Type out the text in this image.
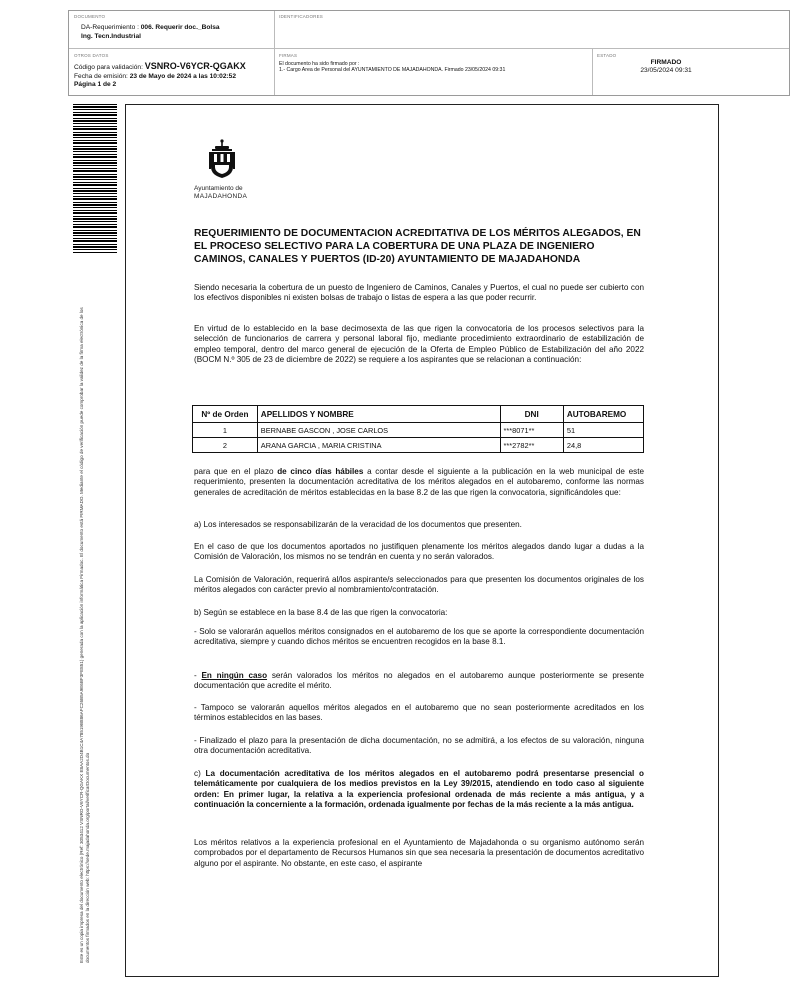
DOCUMENTO
DA-Requerimiento : 006. Requerir doc._Bolsa
Ing. Tecn.Industrial
IDENTIFICADORES
OTROS DATOS
Código para validación: VSNRO-V6YCR-QGAKX
Fecha de emisión: 23 de Mayo de 2024 a las 10:02:52
Página 1 de 2
FIRMAS
El documento ha sido firmado por :
1.- Cargo Area de Personal del AYUNTAMIENTO DE MAJADAHONDA. Firmado 23/05/2024 09:31
ESTADO
FIRMADO
23/05/2024 09:31
Este es un copia impresa del documento electrónico (Ref: 3053412 VSNRO-V6YCR-QGAKX E8AA2D4B1C4A78519B886AFC26B5A9E6BF3FE851) generada con la aplicación informática Firmadoc. El documento está FIRMADO. Mediante el código de verificación puede comprobar la validez de la firma electrónica de los documentos firmados en la dirección web: https://sede.majadahonda.org/portal/verificarDocumentos.do
Ayuntamiento de
MAJADAHONDA
REQUERIMIENTO DE DOCUMENTACION ACREDITATIVA DE LOS MÉRITOS ALEGADOS, EN EL PROCESO SELECTIVO PARA LA COBERTURA DE UNA PLAZA DE INGENIERO CAMINOS, CANALES Y PUERTOS (ID-20) AYUNTAMIENTO DE MAJADAHONDA
Siendo necesaria la cobertura de un puesto de Ingeniero de Caminos, Canales y Puertos, el cual no puede ser cubierto con los efectivos disponibles ni existen bolsas de trabajo o listas de espera a las que poder recurrir.
En virtud de lo establecido en la base decimosexta de las que rigen la convocatoria de los procesos selectivos para la selección de funcionarios de carrera y personal laboral fijo, mediante procedimiento extraordinario de estabilización de empleo temporal, dentro del marco general de ejecución de la Oferta de Empleo Público de Estabilización del año 2022 (BOCM N.º 305 de 23 de diciembre de 2022) se requiere a los aspirantes que se relacionan a continuación:
Nº de Orden	APELLIDOS Y NOMBRE	DNI	AUTOBAREMO
1	BERNABE GASCON , JOSE CARLOS	***8071**	51
2	ARANA GARCIA , MARIA CRISTINA	***2782**	24,8
para que en el plazo de cinco días hábiles a contar desde el siguiente a la publicación en la web municipal de este requerimiento, presenten la documentación acreditativa de los méritos alegados en el autobaremo, conforme las normas generales de acreditación de méritos establecidas en la base 8.2 de las que rigen la convocatoria, significándoles que:
a) Los interesados se responsabilizarán de la veracidad de los documentos que presenten.
En el caso de que los documentos aportados no justifiquen plenamente los méritos alegados dando lugar a dudas a la Comisión de Valoración, los mismos no se tendrán en cuenta y no serán valorados.
La Comisión de Valoración, requerirá al/los aspirante/s seleccionados para que presenten los documentos originales de los méritos alegados con carácter previo al nombramiento/contratación.
b) Según se establece en la base 8.4 de las que rigen la convocatoria:
- Solo se valorarán aquellos méritos consignados en el autobaremo de los que se aporte la correspondiente documentación acreditativa, siempre y cuando dichos méritos se encuentren recogidos en la base 8.1.
- En ningún caso serán valorados los méritos no alegados en el autobaremo aunque posteriormente se presente documentación que acredite el mérito.
- Tampoco se valorarán aquellos méritos alegados en el autobaremo que no sean posteriormente acreditados en los términos establecidos en las bases.
- Finalizado el plazo para la presentación de dicha documentación, no se admitirá, a los efectos de su valoración, ninguna otra documentación acreditativa.
c) La documentación acreditativa de los méritos alegados en el autobaremo podrá presentarse presencial o telemáticamente por cualquiera de los medios previstos en la Ley 39/2015, atendiendo en todo caso al siguiente orden: En primer lugar, la relativa a la experiencia profesional ordenada de más reciente a más antigua, y a continuación la concerniente a la formación, ordenada igualmente por fechas de la más reciente a la más antigua.
Los méritos relativos a la experiencia profesional en el Ayuntamiento de Majadahonda o su organismo autónomo serán comprobados por el departamento de Recursos Humanos sin que sea necesaria la presentación de documentos acreditativo alguno por el aspirante. No obstante, en este caso, el aspirante
